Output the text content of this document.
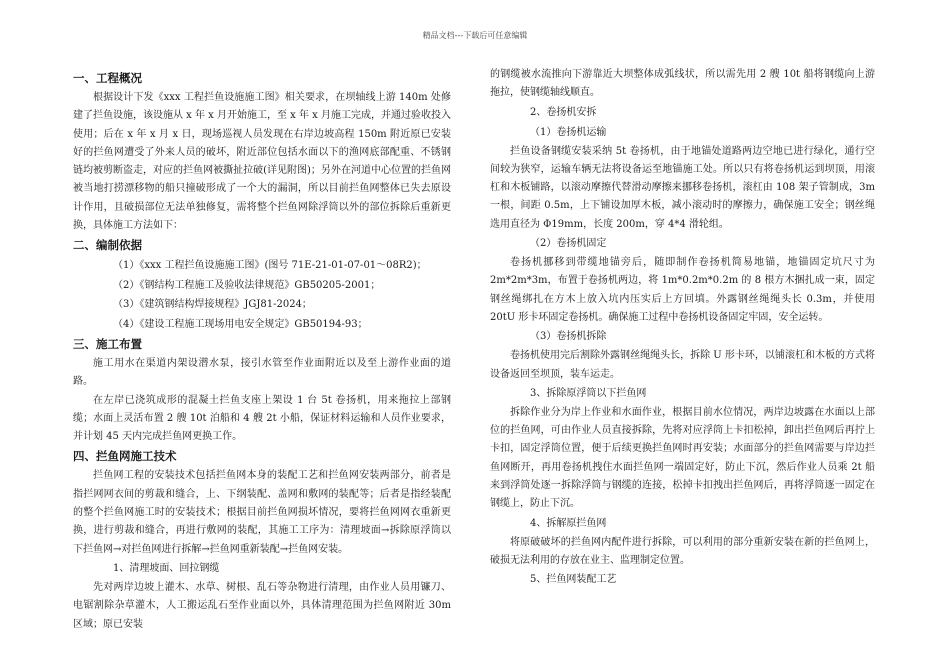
精品文档---下载后可任意编辑
一、工程概况

根据设计下发《xxx 工程拦鱼设施施工图》相关要求，在坝轴线上游 140m 处修建了拦鱼设施，该设施从 x 年 x 月开始施工，至 x 年 x 月施工完成，并通过验收投入使用；后在 x 年 x 月 x 日，现场巡视人员发现在右岸边坡高程 150m 附近原已安装好的拦鱼网遭受了外来人员的破坏，附近部位包括水面以下的渔网底部配重、不锈钢链均被剪断盗走，对应的拦鱼网被撕扯拉破(详见附图)；另外在河道中心位置的拦鱼网被当地打捞漂移物的船只撞破形成了一个大的漏洞，所以目前拦鱼网整体已失去原设计作用，且破损部位无法单独修复，需将整个拦鱼网除浮筒以外的部位拆除后重新更换，具体施工方法如下：

二、编制依据

（1）《xxx 工程拦鱼设施施工图》(图号 71E-21-01-07-01～08R2)；

（2）《钢结构工程施工及验收法律规范》GB50205-2001；

（3）《建筑钢结构焊接规程》JGJ81-2024；

（4）《建设工程施工现场用电安全规定》GB50194-93；

三、施工布置

施工用水在渠道内架设潜水泵，接引水管至作业面附近以及至上游作业面的道路。

在左岸已浇筑成形的混凝土拦鱼支座上架设 1 台 5t 卷扬机，用来拖拉上部钢缆；水面上灵活布置 2 艘 10t 泊船和 4 艘 2t 小船，保证材料运输和人员作业要求，并计划 45 天内完成拦鱼网更换工作。

四、拦鱼网施工技术

拦鱼网工程的安装技术包括拦鱼网本身的装配工艺和拦鱼网安装两部分，前者是指拦网网衣间的剪裁和缝合，上、下纲装配、盖网和敷网的装配等；后者是指经装配的整个拦鱼网施工时的安装技术；根据目前拦鱼网损坏情况，要将拦鱼网网衣重新更换，进行剪裁和缝合，再进行敷网的装配，其施工工序为：清理坡面→拆除原浮筒以下拦鱼网→对拦鱼网进行拆解→拦鱼网重新装配→拦鱼网安装。

1、清理坡面、回拉钢缆

先对两岸边坡上灌木、水草、树根、乱石等杂物进行清理，由作业人员用镰刀、电锯割除杂草灌木，人工搬运乱石至作业面以外，具体清理范围为拦鱼网附近 30m 区域；原已安装

的钢缆被水流推向下游靠近大坝整体成弧线状，所以需先用 2 艘 10t 船将钢缆向上游拖拉，使钢缆轴线顺直。

2、卷扬机安拆

（1）卷扬机运输

拦鱼设备钢缆安装采纳 5t 卷扬机，由于地锚处道路两边空地已进行绿化，通行空间较为狭窄，运输车辆无法将设备运至地锚施工处。所以只有将卷扬机运到坝顶，用滚杠和木板铺路，以滚动摩擦代替滑动摩擦来挪移卷扬机，滚杠由 108 架子管制成，3m 一根，间距 0.5m，上下铺设加厚木板，减小滚动时的摩擦力，确保施工安全；钢丝绳选用直径为 Φ19mm，长度 200m，穿 4*4 滑轮组。

（2）卷扬机固定

卷扬机挪移到带缆地锚旁后，随即制作卷扬机简易地锚，地锚固定坑尺寸为 2m*2m*3m，布置于卷扬机两边，将 1m*0.2m*0.2m 的 8 根方木捆扎成一束，固定钢丝绳绑扎在方木上放入坑内压实后上方回填。外露钢丝绳绳头长 0.3m，并使用 20tU 形卡环固定卷扬机。确保施工过程中卷扬机设备固定牢固，安全运转。

（3）卷扬机拆除

卷扬机使用完后割除外露钢丝绳绳头长，拆除 U 形卡环，以铺滚杠和木板的方式将设备返回至坝顶，装车运走。

3、拆除原浮筒以下拦鱼网

拆除作业分为岸上作业和水面作业，根据目前水位情况，两岸边坡露在水面以上部位的拦鱼网，可由作业人员直接拆除，先将对应浮筒上卡扣松掉，卸出拦鱼网后再拧上卡扣，固定浮筒位置，便于后续更换拦鱼网时再安装；水面部分的拦鱼网需要与岸边拦鱼网断开，再用卷扬机拽住水面拦鱼网一端固定好，防止下沉，然后作业人员乘 2t 船来到浮筒处逐一拆除浮筒与钢缆的连接，松掉卡扣拽出拦鱼网后，再将浮筒逐一固定在钢缆上，防止下沉。

4、拆解原拦鱼网

将原破破坏的拦鱼网内配件进行拆除，可以利用的部分重新安装在新的拦鱼网上，破损无法利用的存放在业主、监理制定位置。

5、拦鱼网装配工艺
